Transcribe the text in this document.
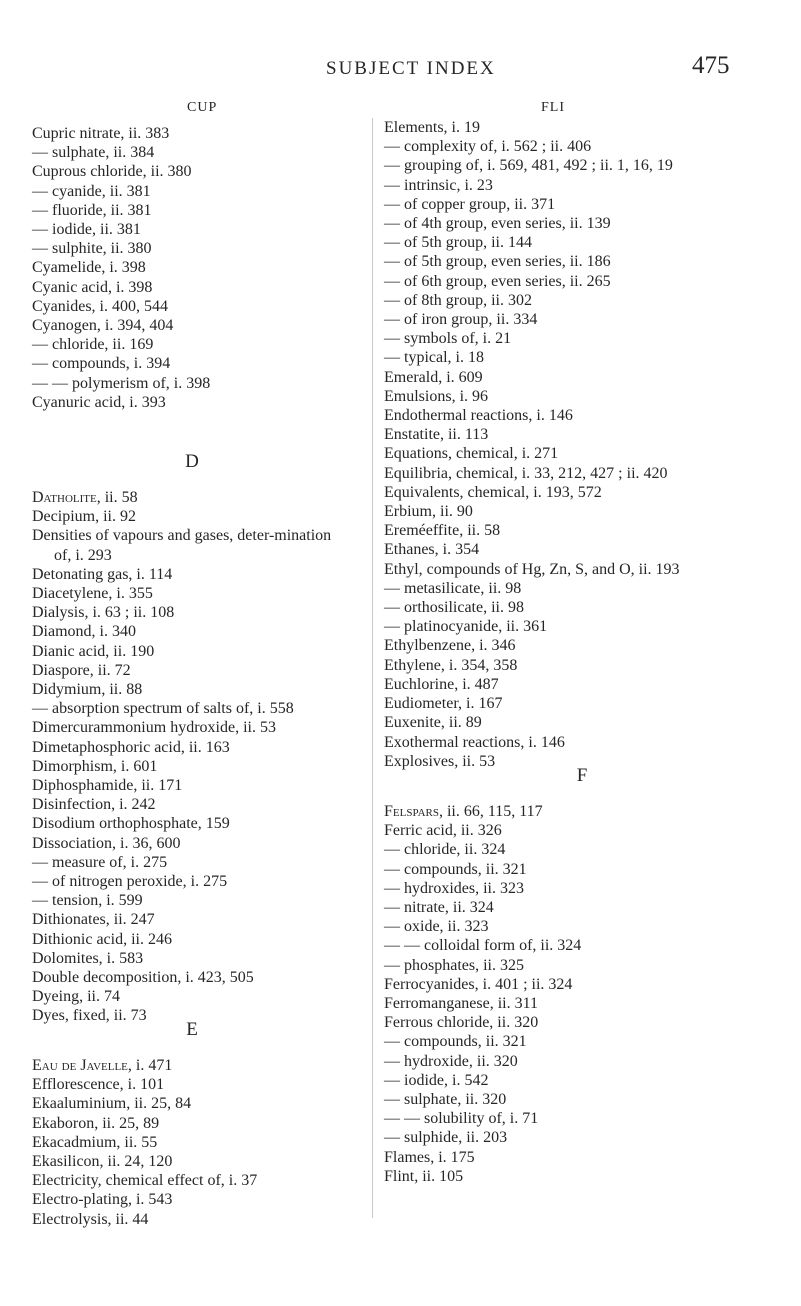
SUBJECT INDEX	475
CUP
Cupric nitrate, ii. 383
— sulphate, ii. 384
Cuprous chloride, ii. 380
— cyanide, ii. 381
— fluoride, ii. 381
— iodide, ii. 381
— sulphite, ii. 380
Cyamelide, i. 398
Cyanic acid, i. 398
Cyanides, i. 400, 544
Cyanogen, i. 394, 404
— chloride, ii. 169
— compounds, i. 394
— — polymerism of, i. 398
Cyanuric acid, i. 393
D
Datholite, ii. 58
Decipium, ii. 92
Densities of vapours and gases, deter-mination of, i. 293
Detonating gas, i. 114
Diacetylene, i. 355
Dialysis, i. 63 ; ii. 108
Diamond, i. 340
Dianic acid, ii. 190
Diaspore, ii. 72
Didymium, ii. 88
— absorption spectrum of salts of, i. 558
Dimercurammonium hydroxide, ii. 53
Dimetaphosphoric acid, ii. 163
Dimorphism, i. 601
Diphosphamide, ii. 171
Disinfection, i. 242
Disodium orthophosphate, 159
Dissociation, i. 36, 600
— measure of, i. 275
— of nitrogen peroxide, i. 275
— tension, i. 599
Dithionates, ii. 247
Dithionic acid, ii. 246
Dolomites, i. 583
Double decomposition, i. 423, 505
Dyeing, ii. 74
Dyes, fixed, ii. 73
E
Eau de Javelle, i. 471
Efflorescence, i. 101
Ekaaluminium, ii. 25, 84
Ekaboron, ii. 25, 89
Ekacadmium, ii. 55
Ekasilicon, ii. 24, 120
Electricity, chemical effect of, i. 37
Electro-plating, i. 543
Electrolysis, ii. 44
FLI
Elements, i. 19
— complexity of, i. 562 ; ii. 406
— grouping of, i. 569, 481, 492 ; ii. 1, 16, 19
— intrinsic, i. 23
— of copper group, ii. 371
— of 4th group, even series, ii. 139
— of 5th group, ii. 144
— of 5th group, even series, ii. 186
— of 6th group, even series, ii. 265
— of 8th group, ii. 302
— of iron group, ii. 334
— symbols of, i. 21
— typical, i. 18
Emerald, i. 609
Emulsions, i. 96
Endothermal reactions, i. 146
Enstatite, ii. 113
Equations, chemical, i. 271
Equilibria, chemical, i. 33, 212, 427 ; ii. 420
Equivalents, chemical, i. 193, 572
Erbium, ii. 90
Ereméeffite, ii. 58
Ethanes, i. 354
Ethyl, compounds of Hg, Zn, S, and O, ii. 193
— metasilicate, ii. 98
— orthosilicate, ii. 98
— platinocyanide, ii. 361
Ethylbenzene, i. 346
Ethylene, i. 354, 358
Euchlorine, i. 487
Eudiometer, i. 167
Euxenite, ii. 89
Exothermal reactions, i. 146
Explosives, ii. 53
F
Felspars, ii. 66, 115, 117
Ferric acid, ii. 326
— chloride, ii. 324
— compounds, ii. 321
— hydroxides, ii. 323
— nitrate, ii. 324
— oxide, ii. 323
— — colloidal form of, ii. 324
— phosphates, ii. 325
Ferrocyanides, i. 401 ; ii. 324
Ferromanganese, ii. 311
Ferrous chloride, ii. 320
— compounds, ii. 321
— hydroxide, ii. 320
— iodide, i. 542
— sulphate, ii. 320
— — solubility of, i. 71
— sulphide, ii. 203
Flames, i. 175
Flint, ii. 105
